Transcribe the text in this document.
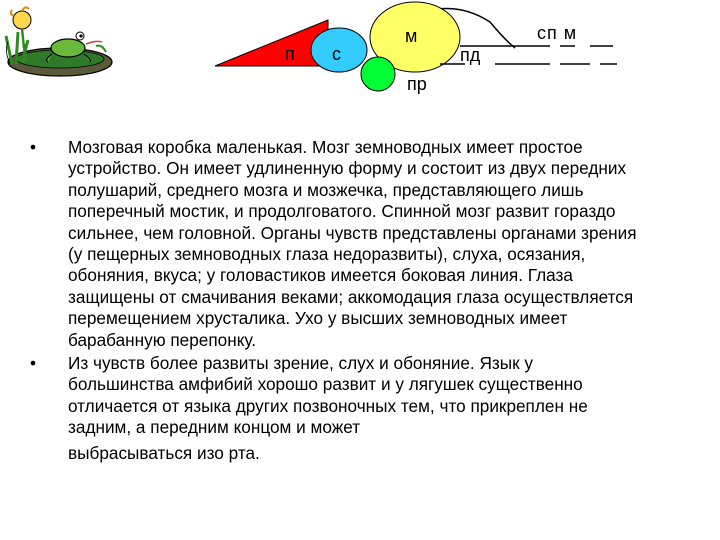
п с
м
пд
пр
сп м
•	Мозговая коробка маленькая. Мозг земноводных имеет простое устройство. Он имеет удлиненную форму и состоит из двух передних полушарий, среднего мозга и мозжечка, представляющего лишь поперечный мостик, и продолговатого. Спинной мозг развит гораздо сильнее, чем головной. Органы чувств представлены органами зрения (у пещерных земноводных глаза недоразвиты), слуха, осязания, обоняния, вкуса; у головастиков имеется боковая линия. Глаза защищены от смачивания веками; аккомодация глаза осуществляется перемещением хрусталика. Ухо у высших земноводных имеет барабанную перепонку.
•	Из чувств более развиты зрение, слух и обоняние. Язык у большинства амфибий хорошо развит и у лягушек существенно отличается от языка других позвоночных тем, что прикреплен не задним, а передним концом и может
выбрасываться изо рта.
